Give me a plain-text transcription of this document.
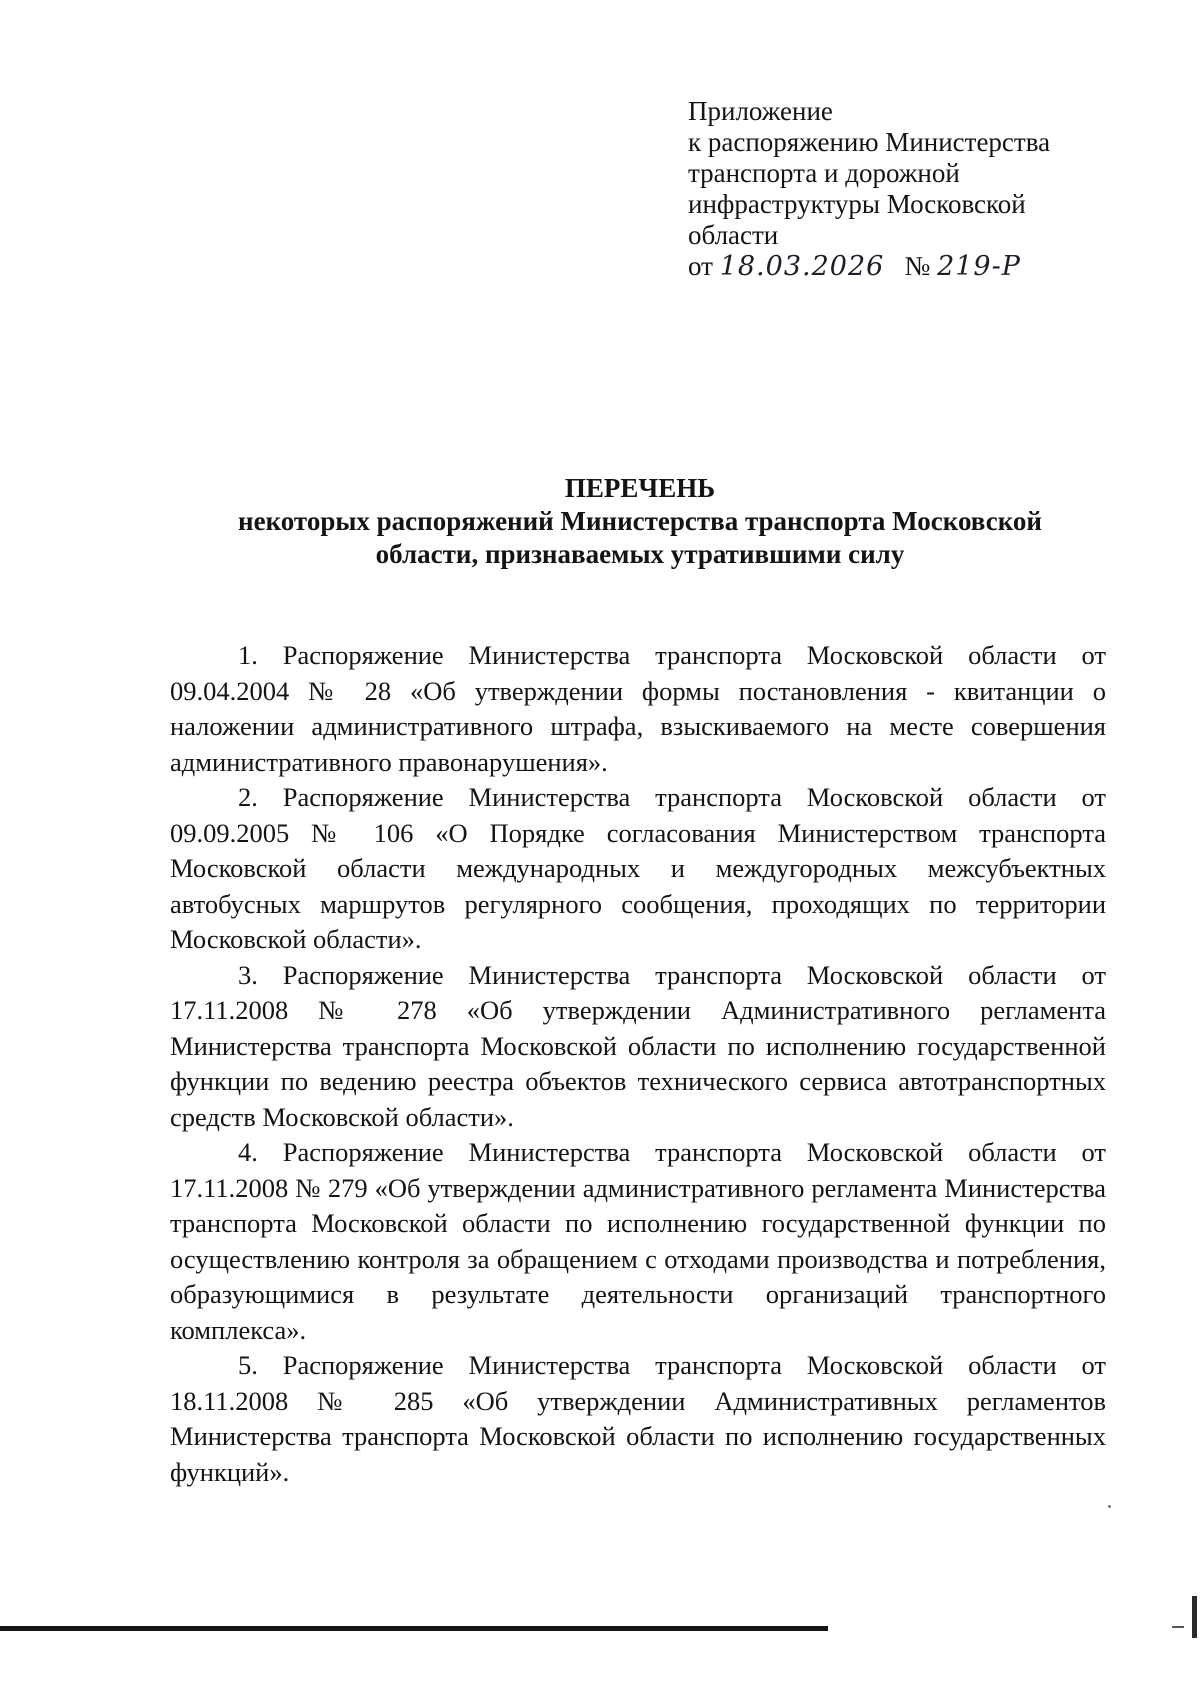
Приложение
к распоряжению Министерства
транспорта и дорожной
инфраструктуры Московской
области
от 18.03.2026 № 219-Р
ПЕРЕЧЕНЬ
некоторых распоряжений Министерства транспорта Московской
области, признаваемых утратившими силу

1. Распоряжение Министерства транспорта Московской области от 09.04.2004 № 28 «Об утверждении формы постановления - квитанции о наложении административного штрафа, взыскиваемого на месте совершения административного правонарушения».

2. Распоряжение Министерства транспорта Московской области от 09.09.2005 № 106 «О Порядке согласования Министерством транспорта Московской области международных и междугородных межсубъектных автобусных маршрутов регулярного сообщения, проходящих по территории Московской области».

3. Распоряжение Министерства транспорта Московской области от 17.11.2008 № 278 «Об утверждении Административного регламента Министерства транспорта Московской области по исполнению государственной функции по ведению реестра объектов технического сервиса автотранспортных средств Московской области».

4. Распоряжение Министерства транспорта Московской области от 17.11.2008 № 279 «Об утверждении административного регламента Министерства транспорта Московской области по исполнению государственной функции по осуществлению контроля за обращением с отходами производства и потребления, образующимися в результате деятельности организаций транспортного комплекса».

5. Распоряжение Министерства транспорта Московской области от 18.11.2008 № 285 «Об утверждении Административных регламентов Министерства транспорта Московской области по исполнению государственных функций».
